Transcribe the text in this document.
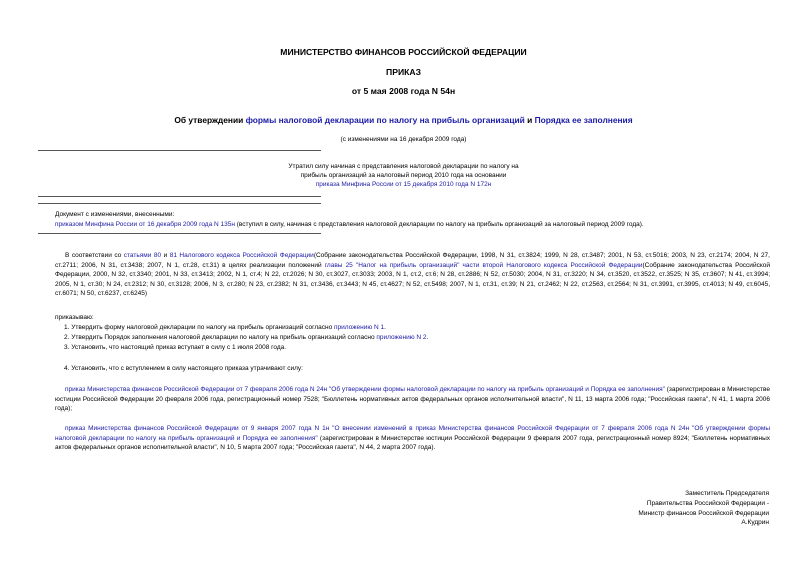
МИНИСТЕРСТВО ФИНАНСОВ РОССИЙСКОЙ ФЕДЕРАЦИИ
ПРИКАЗ
от 5 мая 2008 года N 54н
Об утверждении формы налоговой декларации по налогу на прибыль организаций и Порядка ее заполнения
(с изменениями на 16 декабря 2009 года)
Утратил силу начиная с представления налоговой декларации по налогу на
прибыль организаций за налоговый период 2010 года на основании
приказа Минфина России от 15 декабря 2010 года N 172н
Документ с изменениями, внесенными:
приказом Минфина России от 16 декабря 2009 года N 135н (вступил в силу, начиная с представления налоговой декларации по налогу на прибыль организаций за налоговый период 2009 года).
В соответствии со статьями 80 и 81 Налогового кодекса Российской Федерации(Собрание законодательства Российской Федерации, 1998, N 31, ст.3824; 1999, N 28, ст.3487; 2001, N 53, ст.5016; 2003, N 23, ст.2174; 2004, N 27, ст.2711; 2006, N 31, ст.3438; 2007, N 1, ст.28, ст.31) в целях реализации положений главы 25 "Налог на прибыль организаций" части второй Налогового кодекса Российской Федерации(Собрание законодательства Российской Федерации, 2000, N 32, ст.3340; 2001, N 33, ст.3413; 2002, N 1, ст.4; N 22, ст.2026; N 30, ст.3027, ст.3033; 2003, N 1, ст.2, ст.6; N 28, ст.2886; N 52, ст.5030; 2004, N 31, ст.3220; N 34, ст.3520, ст.3522, ст.3525; N 35, ст.3607; N 41, ст.3994; 2005, N 1, ст.30; N 24, ст.2312; N 30, ст.3128; 2006, N 3, ст.280; N 23, ст.2382; N 31, ст.3436, ст.3443; N 45, ст.4627; N 52, ст.5498; 2007, N 1, ст.31, ст.39; N 21, ст.2462; N 22, ст.2563, ст.2564; N 31, ст.3991, ст.3995, ст.4013; N 49, ст.6045, ст.6071; N 50, ст.6237, ст.6245)
приказываю:
1. Утвердить форму налоговой декларации по налогу на прибыль организаций согласно приложению N 1.
2. Утвердить Порядок заполнения налоговой декларации по налогу на прибыль организаций согласно приложению N 2.
3. Установить, что настоящий приказ вступает в силу с 1 июля 2008 года.
4. Установить, что с вступлением в силу настоящего приказа утрачивают силу:
приказ Министерства финансов Российской Федерации от 7 февраля 2006 года N 24н "Об утверждении формы налоговой декларации по налогу на прибыль организаций и Порядка ее заполнения" (зарегистрирован в Министерстве юстиции Российской Федерации 20 февраля 2006 года, регистрационный номер 7528; "Бюллетень нормативных актов федеральных органов исполнительной власти", N 11, 13 марта 2006 года; "Российская газета", N 41, 1 марта 2006 года);
приказ Министерства финансов Российской Федерации от 9 января 2007 года N 1н "О внесении изменений в приказ Министерства финансов Российской Федерации от 7 февраля 2006 года N 24н "Об утверждении формы налоговой декларации по налогу на прибыль организаций и Порядка ее заполнения" (зарегистрирован в Министерстве юстиции Российской Федерации 9 февраля 2007 года, регистрационный номер 8924; "Бюллетень нормативных актов федеральных органов исполнительной власти", N 10, 5 марта 2007 года; "Российская газета", N 44, 2 марта 2007 года).
Заместитель Председателя
Правительства Российской Федерации -
Министр финансов Российской Федерации
А.Кудрин
